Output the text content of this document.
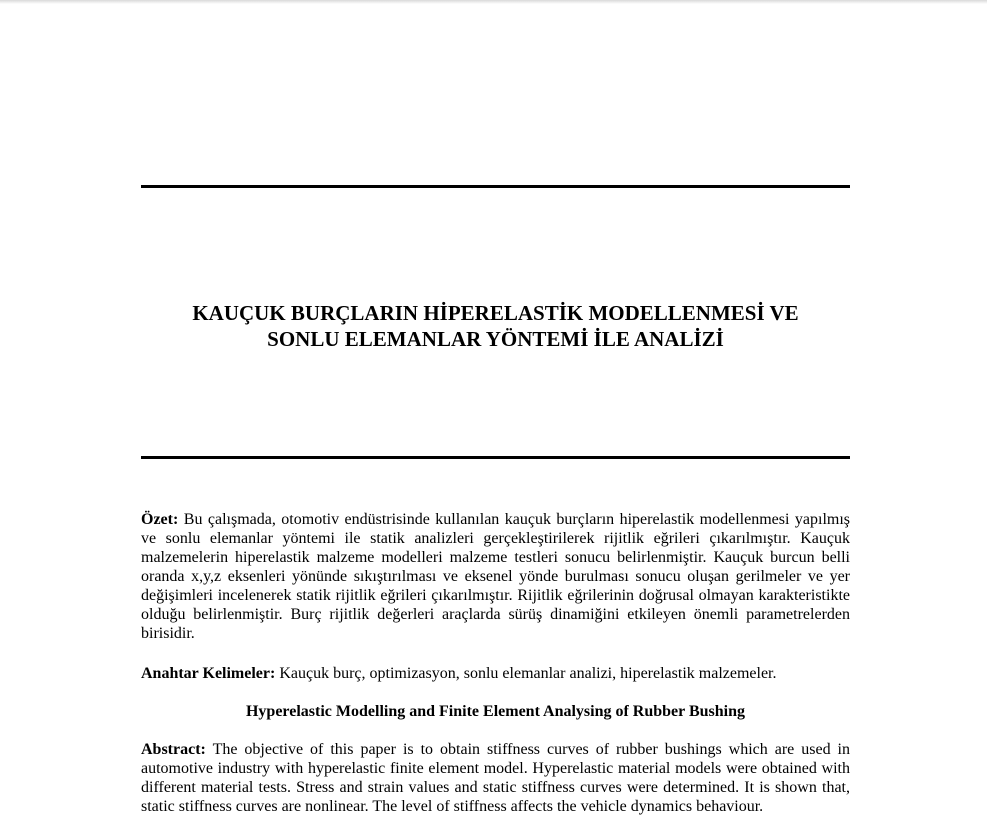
KAUÇUK BURÇLARIN HİPERELASTİK MODELLENMESİ VE
SONLU ELEMANLAR YÖNTEMİ İLE ANALİZİ

Özet: Bu çalışmada, otomotiv endüstrisinde kullanılan kauçuk burçların hiperelastik modellenmesi yapılmış ve sonlu elemanlar yöntemi ile statik analizleri gerçekleştirilerek rijitlik eğrileri çıkarılmıştır. Kauçuk malzemelerin hiperelastik malzeme modelleri malzeme testleri sonucu belirlenmiştir. Kauçuk burcun belli oranda x,y,z eksenleri yönünde sıkıştırılması ve eksenel yönde burulması sonucu oluşan gerilmeler ve yer değişimleri incelenerek statik rijitlik eğrileri çıkarılmıştır. Rijitlik eğrilerinin doğrusal olmayan karakteristikte olduğu belirlenmiştir. Burç rijitlik değerleri araçlarda sürüş dinamiğini etkileyen önemli parametrelerden birisidir.

Anahtar Kelimeler: Kauçuk burç, optimizasyon, sonlu elemanlar analizi, hiperelastik malzemeler.

Hyperelastic Modelling and Finite Element Analysing of Rubber Bushing

Abstract: The objective of this paper is to obtain stiffness curves of rubber bushings which are used in automotive industry with hyperelastic finite element model. Hyperelastic material models were obtained with different material tests. Stress and strain values and static stiffness curves were determined. It is shown that, static stiffness curves are nonlinear. The level of stiffness affects the vehicle dynamics behaviour.
